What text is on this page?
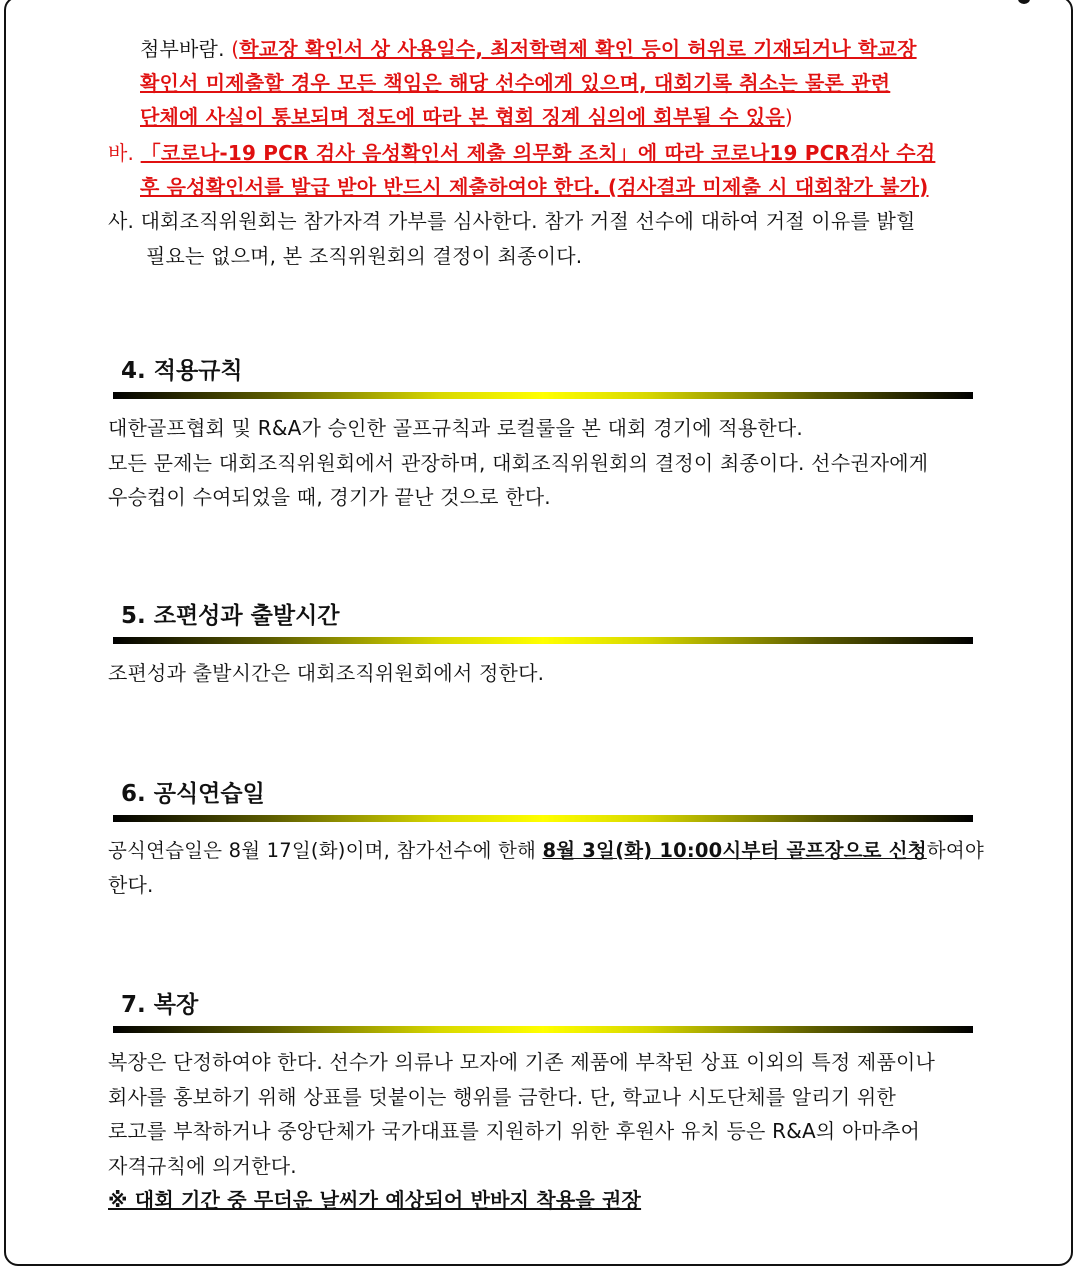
첨부바람. (학교장 확인서 상 사용일수, 최저학력제 확인 등이 허위로 기재되거나 학교장
확인서 미제출할 경우 모든 책임은 해당 선수에게 있으며, 대회기록 취소는 물론 관련
단체에 사실이 통보되며 정도에 따라 본 협회 징계 심의에 회부될 수 있음)
바. 「코로나-19 PCR 검사 음성확인서 제출 의무화 조치」에 따라 코로나19 PCR검사 수검
후 음성확인서를 발급 받아 반드시 제출하여야 한다. (검사결과 미제출 시 대회참가 불가)
사. 대회조직위원회는 참가자격 가부를 심사한다. 참가 거절 선수에 대하여 거절 이유를 밝힐
필요는 없으며, 본 조직위원회의 결정이 최종이다.
4. 적용규칙
대한골프협회 및 R&A가 승인한 골프규칙과 로컬룰을 본 대회 경기에 적용한다.
모든 문제는 대회조직위원회에서 관장하며, 대회조직위원회의 결정이 최종이다. 선수권자에게
우승컵이 수여되었을 때, 경기가 끝난 것으로 한다.
5. 조편성과 출발시간
조편성과 출발시간은 대회조직위원회에서 정한다.
6. 공식연습일
공식연습일은 8월 17일(화)이며, 참가선수에 한해 8월 3일(화) 10:00시부터 골프장으로 신청하여야
한다.
7. 복장
복장은 단정하여야 한다. 선수가 의류나 모자에 기존 제품에 부착된 상표 이외의 특정 제품이나
회사를 홍보하기 위해 상표를 덧붙이는 행위를 금한다. 단, 학교나 시도단체를 알리기 위한
로고를 부착하거나 중앙단체가 국가대표를 지원하기 위한 후원사 유치 등은 R&A의 아마추어
자격규칙에 의거한다.
※ 대회 기간 중 무더운 날씨가 예상되어 반바지 착용을 권장
